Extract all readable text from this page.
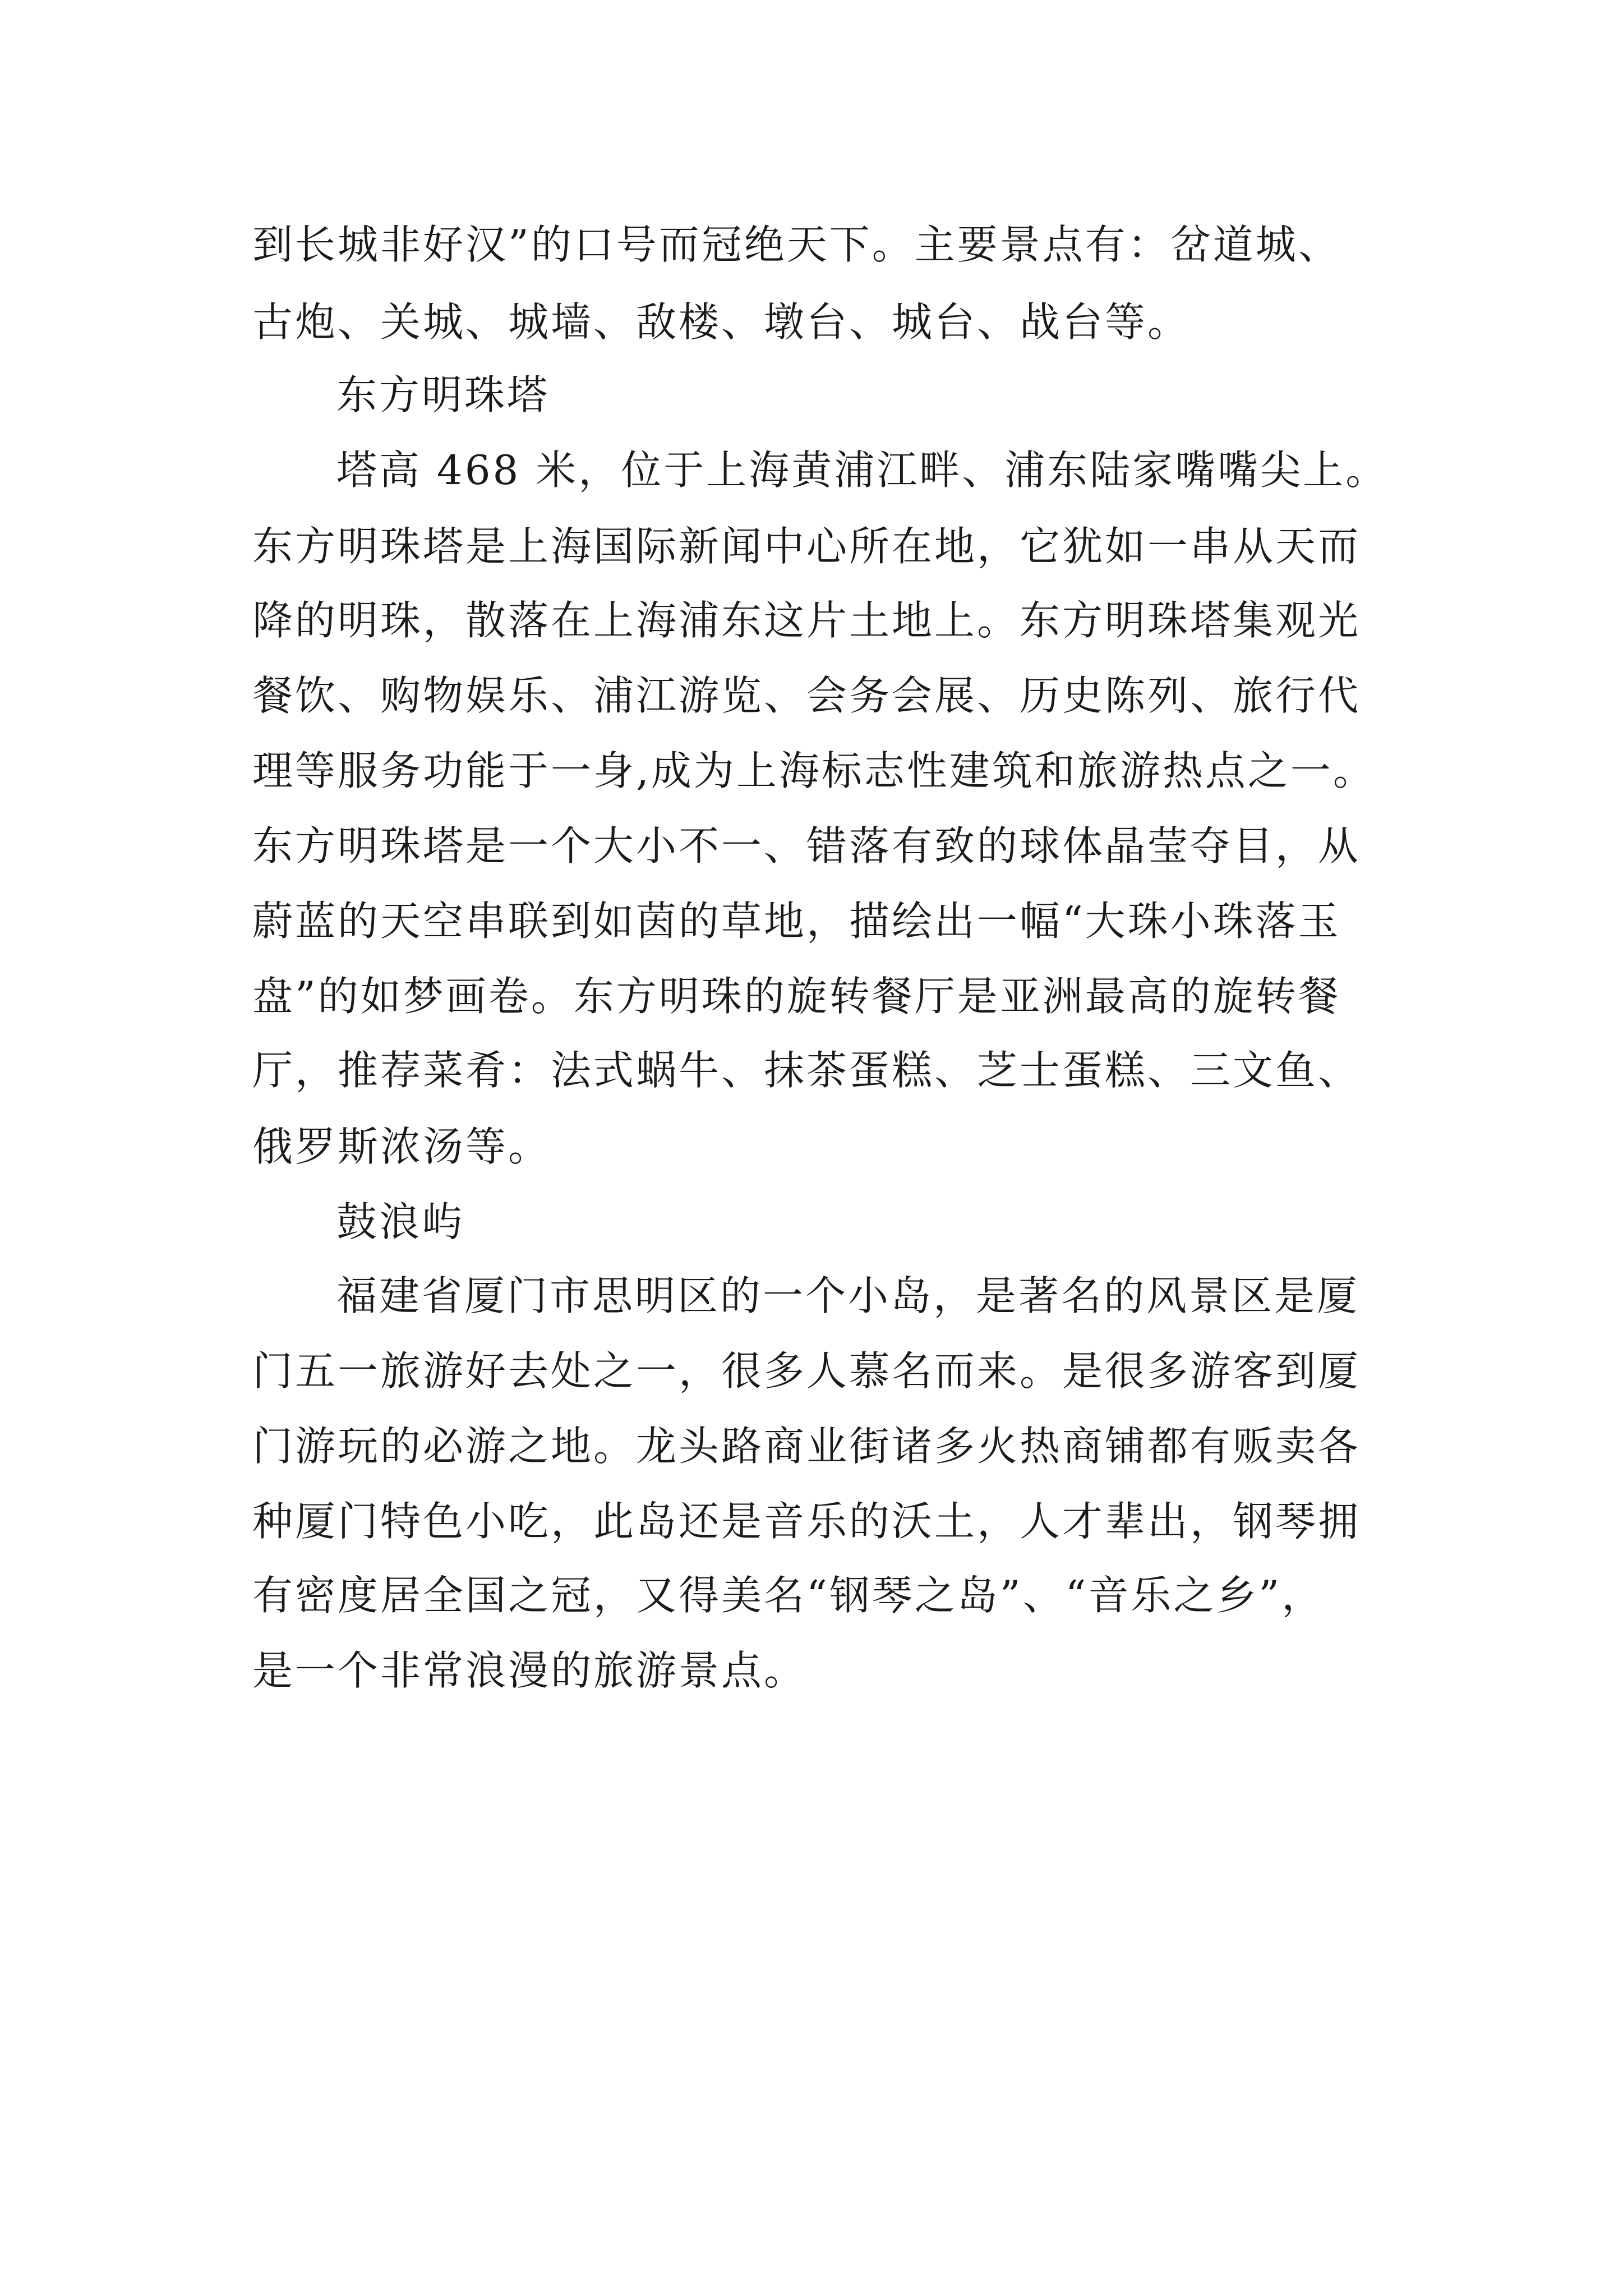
到长城非好汉”的口号而冠绝天下。主要景点有：岔道城、
古炮、关城、城墙、敌楼、墩台、城台、战台等。
东方明珠塔
塔高 468 米，位于上海黄浦江畔、浦东陆家嘴嘴尖上。
东方明珠塔是上海国际新闻中心所在地，它犹如一串从天而
降的明珠，散落在上海浦东这片土地上。东方明珠塔集观光
餐饮、购物娱乐、浦江游览、会务会展、历史陈列、旅行代
理等服务功能于一身,成为上海标志性建筑和旅游热点之一。
东方明珠塔是一个大小不一、错落有致的球体晶莹夺目，从
蔚蓝的天空串联到如茵的草地，描绘出一幅“大珠小珠落玉
盘”的如梦画卷。东方明珠的旋转餐厅是亚洲最高的旋转餐
厅，推荐菜肴：法式蜗牛、抹茶蛋糕、芝士蛋糕、三文鱼、
俄罗斯浓汤等。
鼓浪屿
福建省厦门市思明区的一个小岛，是著名的风景区是厦
门五一旅游好去处之一，很多人慕名而来。是很多游客到厦
门游玩的必游之地。龙头路商业街诸多火热商铺都有贩卖各
种厦门特色小吃，此岛还是音乐的沃土，人才辈出，钢琴拥
有密度居全国之冠，又得美名“钢琴之岛”、“音乐之乡”，
是一个非常浪漫的旅游景点。
